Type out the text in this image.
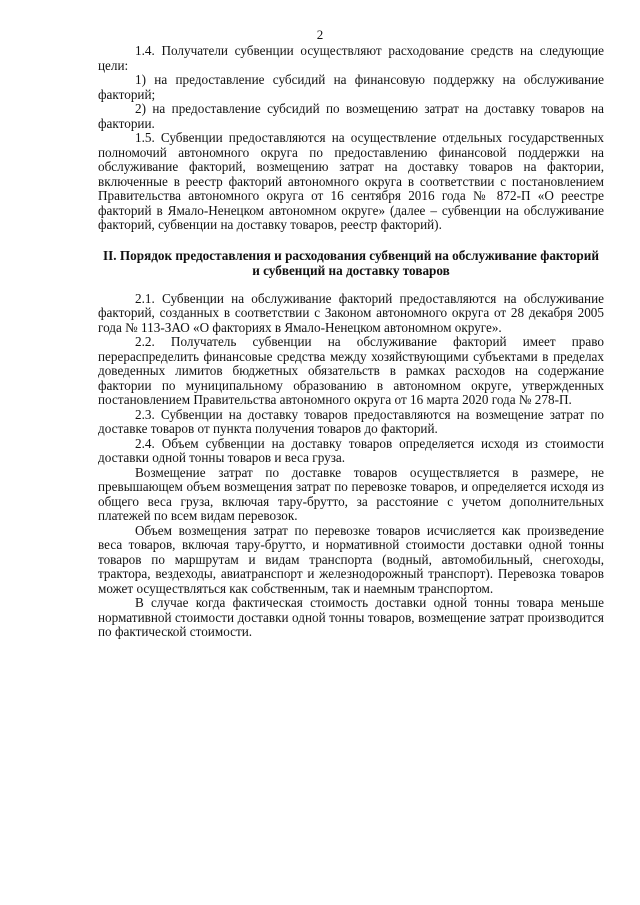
2

1.4. Получатели субвенции осуществляют расходование средств на следующие цели:

1) на предоставление субсидий на финансовую поддержку на обслуживание факторий;

2) на предоставление субсидий по возмещению затрат на доставку товаров на фактории.

1.5. Субвенции предоставляются на осуществление отдельных государственных полномочий автономного округа по предоставлению финансовой поддержки на обслуживание факторий, возмещению затрат на доставку товаров на фактории, включенные в реестр факторий автономного округа в соответствии с постановлением Правительства автономного округа от 16 сентября 2016 года № 872-П «О реестре факторий в Ямало-Ненецком автономном округе» (далее – субвенции на обслуживание факторий, субвенции на доставку товаров, реестр факторий).

II. Порядок предоставления и расходования субвенций на обслуживание факторий и субвенций на доставку товаров

2.1. Субвенции на обслуживание факторий предоставляются на обслуживание факторий, созданных в соответствии с Законом автономного округа от 28 декабря 2005 года № 113-ЗАО «О факториях в Ямало-Ненецком автономном округе».

2.2. Получатель субвенции на обслуживание факторий имеет право перераспределить финансовые средства между хозяйствующими субъектами в пределах доведенных лимитов бюджетных обязательств в рамках расходов на содержание фактории по муниципальному образованию в автономном округе, утвержденных постановлением Правительства автономного округа от 16 марта 2020 года № 278-П.

2.3. Субвенции на доставку товаров предоставляются на возмещение затрат по доставке товаров от пункта получения товаров до факторий.

2.4. Объем субвенции на доставку товаров определяется исходя из стоимости доставки одной тонны товаров и веса груза.

Возмещение затрат по доставке товаров осуществляется в размере, не превышающем объем возмещения затрат по перевозке товаров, и определяется исходя из общего веса груза, включая тару-брутто, за расстояние с учетом дополнительных платежей по всем видам перевозок.

Объем возмещения затрат по перевозке товаров исчисляется как произведение веса товаров, включая тару-брутто, и нормативной стоимости доставки одной тонны товаров по маршрутам и видам транспорта (водный, автомобильный, снегоходы, трактора, вездеходы, авиатранспорт и железнодорожный транспорт). Перевозка товаров может осуществляться как собственным, так и наемным транспортом.

В случае когда фактическая стоимость доставки одной тонны товара меньше нормативной стоимости доставки одной тонны товаров, возмещение затрат производится по фактической стоимости.
